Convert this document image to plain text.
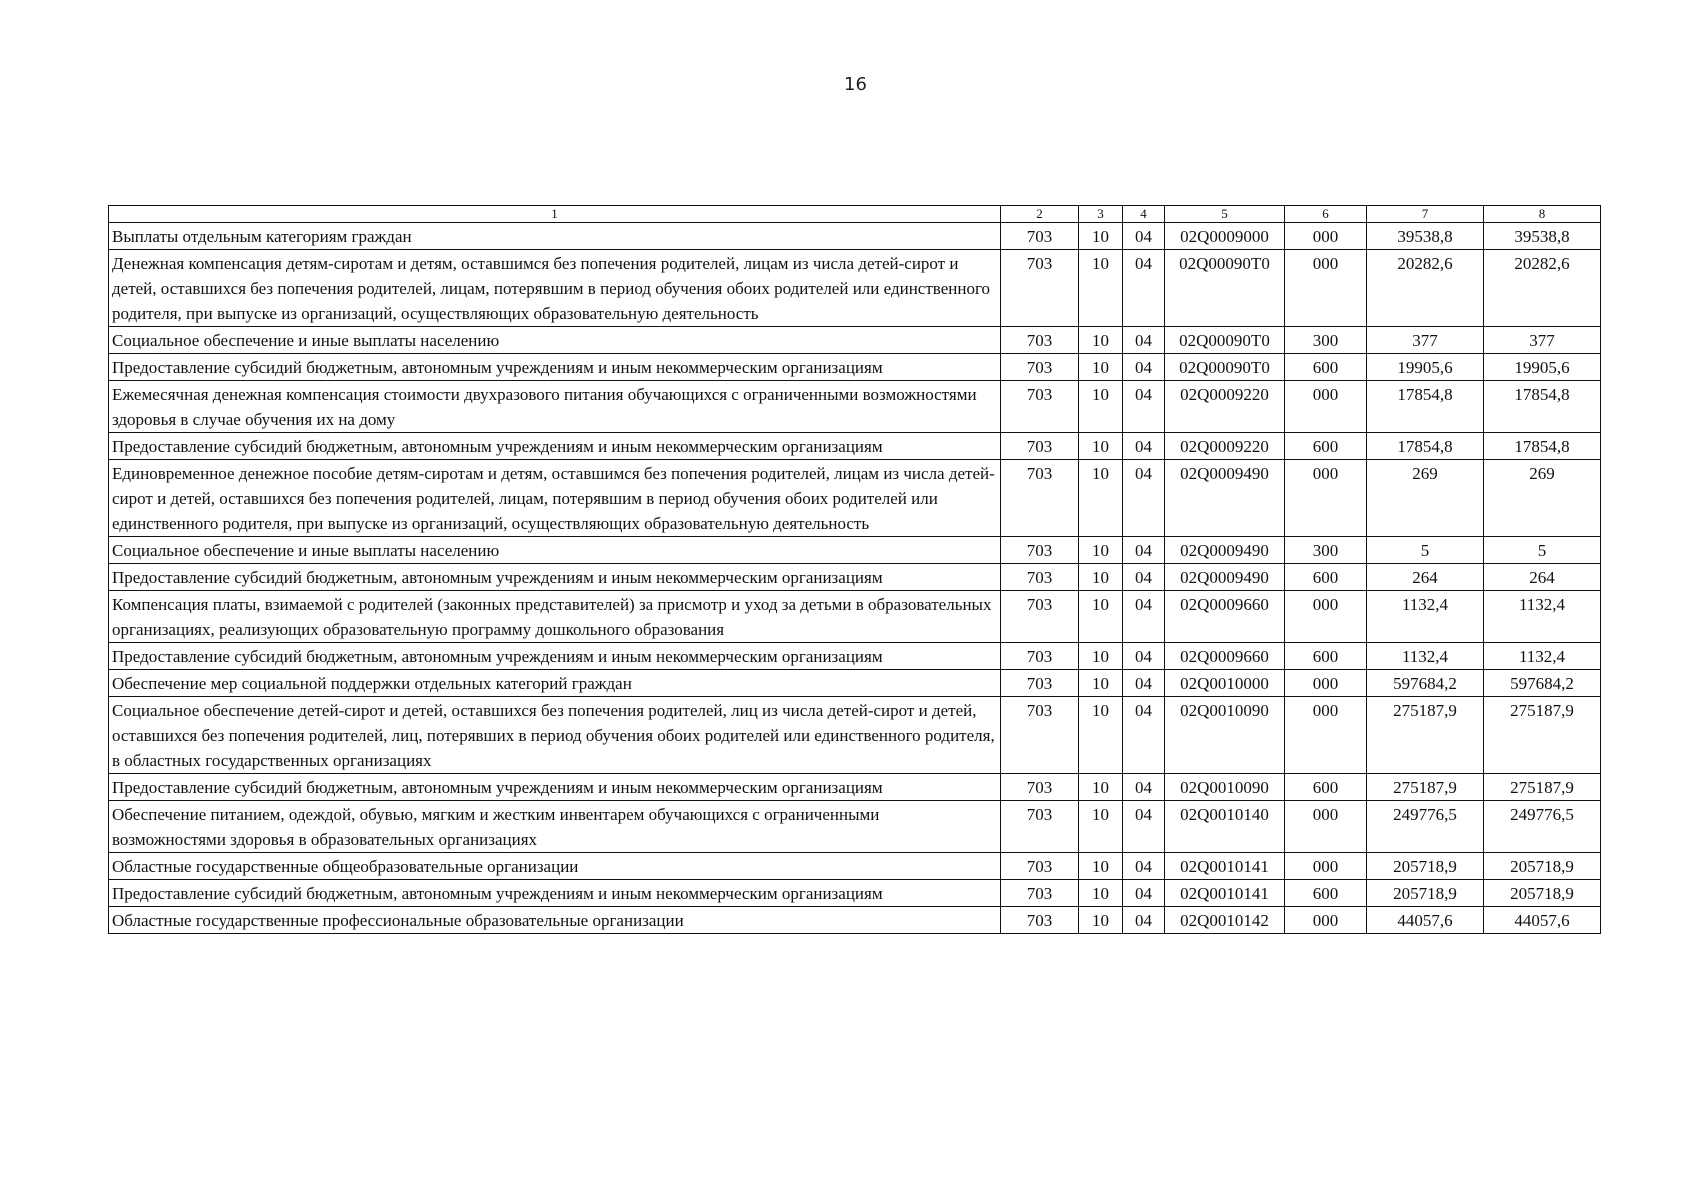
16
1	2	3	4	5	6	7	8
Выплаты отдельным категориям граждан	703	10	04	02Q0009000	000	39538,8	39538,8
Денежная компенсация детям-сиротам и детям, оставшимся без попечения родителей, лицам из числа детей-сирот и детей, оставшихся без попечения родителей, лицам, потерявшим в период обучения обоих родителей или единственного родителя, при выпуске из организаций, осуществляющих образовательную деятельность	703	10	04	02Q00090T0	000	20282,6	20282,6
Социальное обеспечение и иные выплаты населению	703	10	04	02Q00090T0	300	377	377
Предоставление субсидий бюджетным, автономным учреждениям и иным некоммерческим организациям	703	10	04	02Q00090T0	600	19905,6	19905,6
Ежемесячная денежная компенсация стоимости двухразового питания обучающихся с ограниченными возможностями здоровья в случае обучения их на дому	703	10	04	02Q0009220	000	17854,8	17854,8
Предоставление субсидий бюджетным, автономным учреждениям и иным некоммерческим организациям	703	10	04	02Q0009220	600	17854,8	17854,8
Единовременное денежное пособие детям-сиротам и детям, оставшимся без попечения родителей, лицам из числа детей-сирот и детей, оставшихся без попечения родителей, лицам, потерявшим в период обучения обоих родителей или единственного родителя, при выпуске из организаций, осуществляющих образовательную деятельность	703	10	04	02Q0009490	000	269	269
Социальное обеспечение и иные выплаты населению	703	10	04	02Q0009490	300	5	5
Предоставление субсидий бюджетным, автономным учреждениям и иным некоммерческим организациям	703	10	04	02Q0009490	600	264	264
Компенсация платы, взимаемой с родителей (законных представителей) за присмотр и уход за детьми в образовательных организациях, реализующих образовательную программу дошкольного образования	703	10	04	02Q0009660	000	1132,4	1132,4
Предоставление субсидий бюджетным, автономным учреждениям и иным некоммерческим организациям	703	10	04	02Q0009660	600	1132,4	1132,4
Обеспечение мер социальной поддержки отдельных категорий граждан	703	10	04	02Q0010000	000	597684,2	597684,2
Социальное обеспечение детей-сирот и детей, оставшихся без попечения родителей, лиц из числа детей-сирот и детей, оставшихся без попечения родителей, лиц, потерявших в период обучения обоих родителей или единственного родителя, в областных государственных организациях	703	10	04	02Q0010090	000	275187,9	275187,9
Предоставление субсидий бюджетным, автономным учреждениям и иным некоммерческим организациям	703	10	04	02Q0010090	600	275187,9	275187,9
Обеспечение питанием, одеждой, обувью, мягким и жестким инвентарем обучающихся с ограниченными возможностями здоровья в образовательных организациях	703	10	04	02Q0010140	000	249776,5	249776,5
Областные государственные общеобразовательные организации	703	10	04	02Q0010141	000	205718,9	205718,9
Предоставление субсидий бюджетным, автономным учреждениям и иным некоммерческим организациям	703	10	04	02Q0010141	600	205718,9	205718,9
Областные государственные профессиональные образовательные организации	703	10	04	02Q0010142	000	44057,6	44057,6
